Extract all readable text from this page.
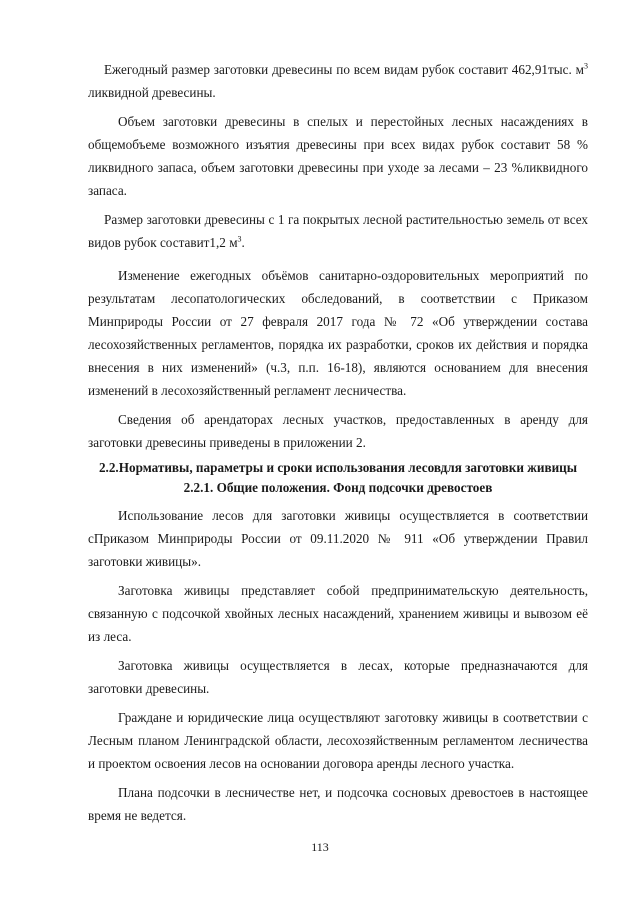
Ежегодный размер заготовки древесины по всем видам рубок составит 462,91тыс. $м^3$ ликвидной древесины.

Объем заготовки древесины в спелых и перестойных лесных насаждениях в общемобъеме возможного изъятия древесины при всех видах рубок составит 58 % ликвидного запаса, объем заготовки древесины при уходе за лесами – 23 %ликвидного запаса.

Размер заготовки древесины с 1 га покрытых лесной растительностью земель от всех видов рубок составит1,2 $м^3$.

Изменение ежегодных объёмов санитарно-оздоровительных мероприятий по результатам лесопатологических обследований, в соответствии с Приказом Минприроды России от 27 февраля 2017 года № 72 «Об утверждении состава лесохозяйственных регламентов, порядка их разработки, сроков их действия и порядка внесения в них изменений» (ч.3, п.п. 16-18), являются основанием для внесения изменений в лесохозяйственный регламент лесничества.

Сведения об арендаторах лесных участков, предоставленных в аренду для заготовки древесины приведены в приложении 2.

2.2.Нормативы, параметры и сроки использования лесовдля заготовки живицы
2.2.1. Общие положения. Фонд подсочки древостоев

Использование лесов для заготовки живицы осуществляется в соответствии сПриказом Минприроды России от 09.11.2020 № 911 «Об утверждении Правил заготовки живицы».

Заготовка живицы представляет собой предпринимательскую деятельность, связанную с подсочкой хвойных лесных насаждений, хранением живицы и вывозом её из леса.

Заготовка живицы осуществляется в лесах, которые предназначаются для заготовки древесины.

Граждане и юридические лица осуществляют заготовку живицы в соответствии с Лесным планом Ленинградской области, лесохозяйственным регламентом лесничества и проектом освоения лесов на основании договора аренды лесного участка.

Плана подсочки в лесничестве нет, и подсочка сосновых древостоев в настоящее время не ведется.

113
